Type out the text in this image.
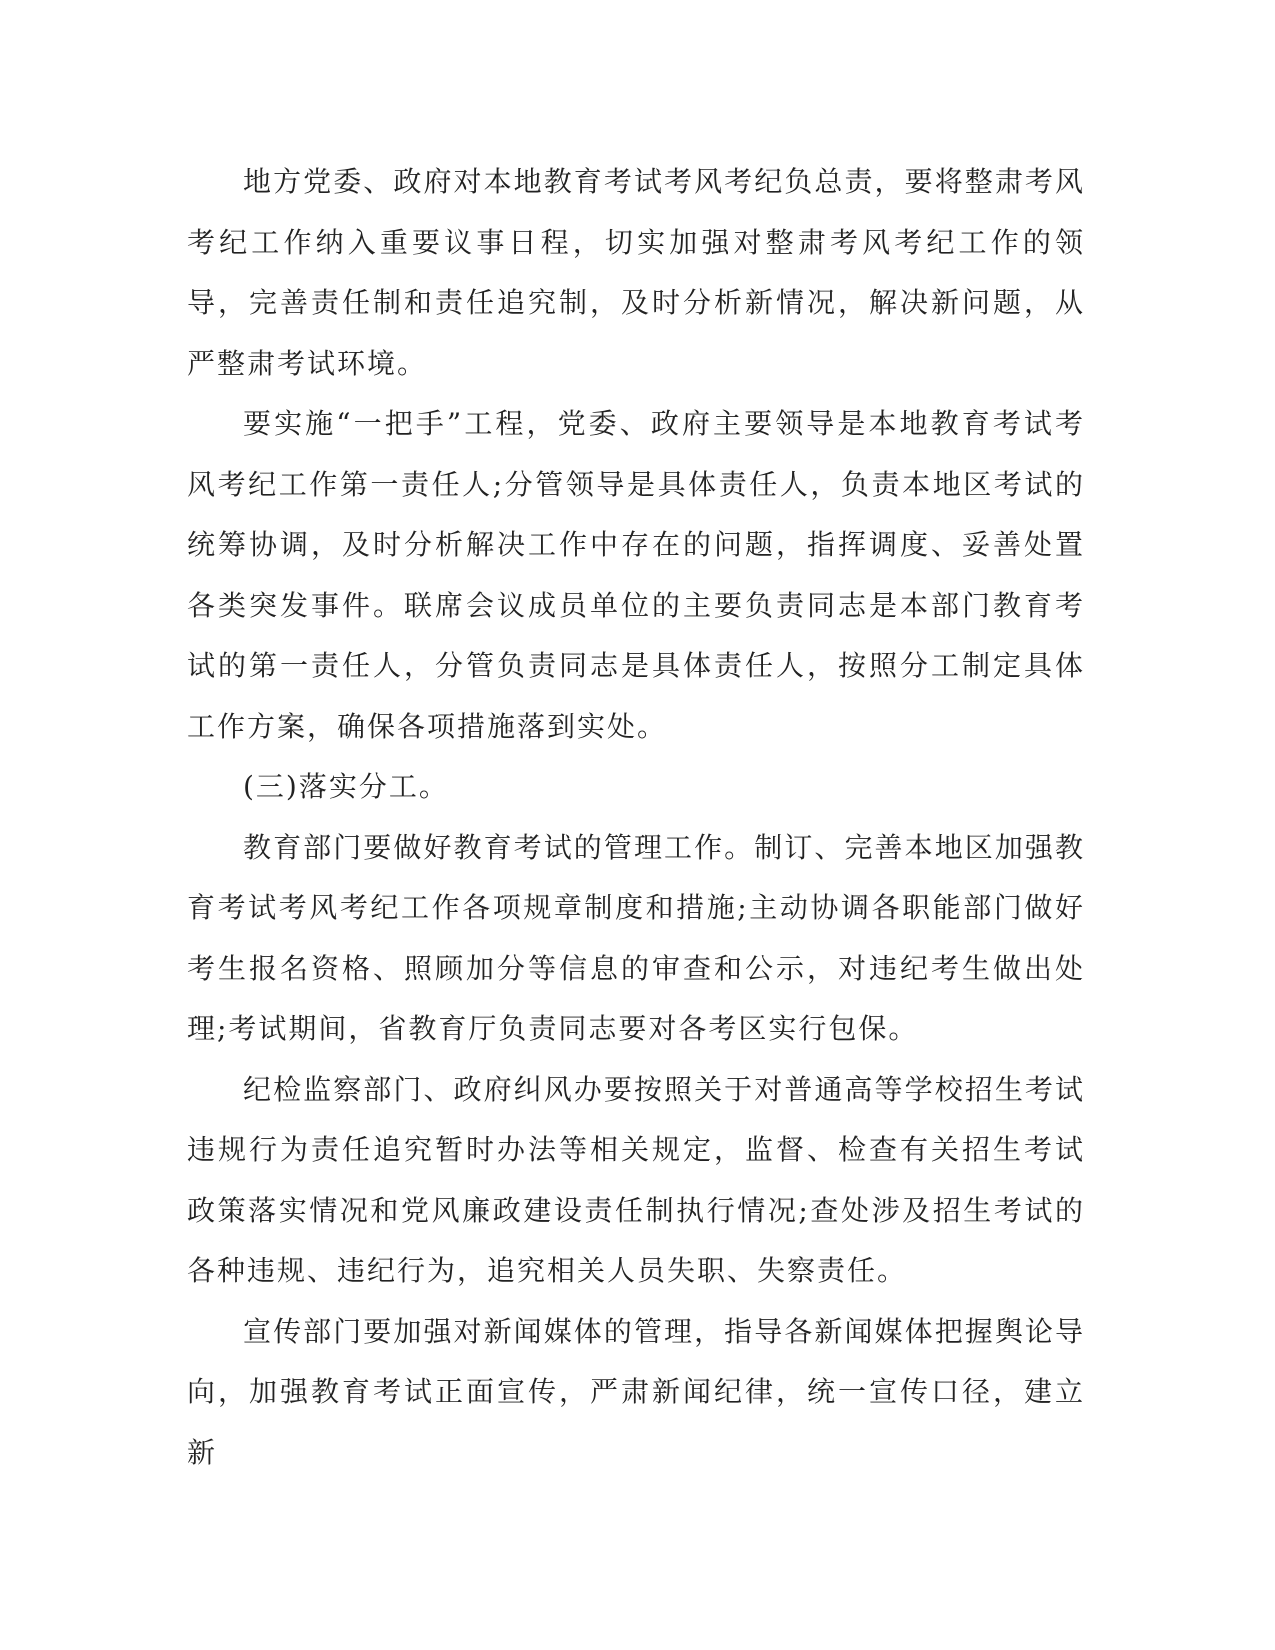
地方党委、政府对本地教育考试考风考纪负总责，要将整肃考风考纪工作纳入重要议事日程，切实加强对整肃考风考纪工作的领导，完善责任制和责任追究制，及时分析新情况，解决新问题，从严整肃考试环境。

要实施“一把手”工程，党委、政府主要领导是本地教育考试考风考纪工作第一责任人;分管领导是具体责任人，负责本地区考试的统筹协调，及时分析解决工作中存在的问题，指挥调度、妥善处置各类突发事件。联席会议成员单位的主要负责同志是本部门教育考试的第一责任人，分管负责同志是具体责任人，按照分工制定具体工作方案，确保各项措施落到实处。

(三)落实分工。

教育部门要做好教育考试的管理工作。制订、完善本地区加强教育考试考风考纪工作各项规章制度和措施;主动协调各职能部门做好考生报名资格、照顾加分等信息的审查和公示，对违纪考生做出处理;考试期间，省教育厅负责同志要对各考区实行包保。

纪检监察部门、政府纠风办要按照关于对普通高等学校招生考试违规行为责任追究暂时办法等相关规定，监督、检查有关招生考试政策落实情况和党风廉政建设责任制执行情况;查处涉及招生考试的各种违规、违纪行为，追究相关人员失职、失察责任。

宣传部门要加强对新闻媒体的管理，指导各新闻媒体把握舆论导向，加强教育考试正面宣传，严肃新闻纪律，统一宣传口径，建立新
